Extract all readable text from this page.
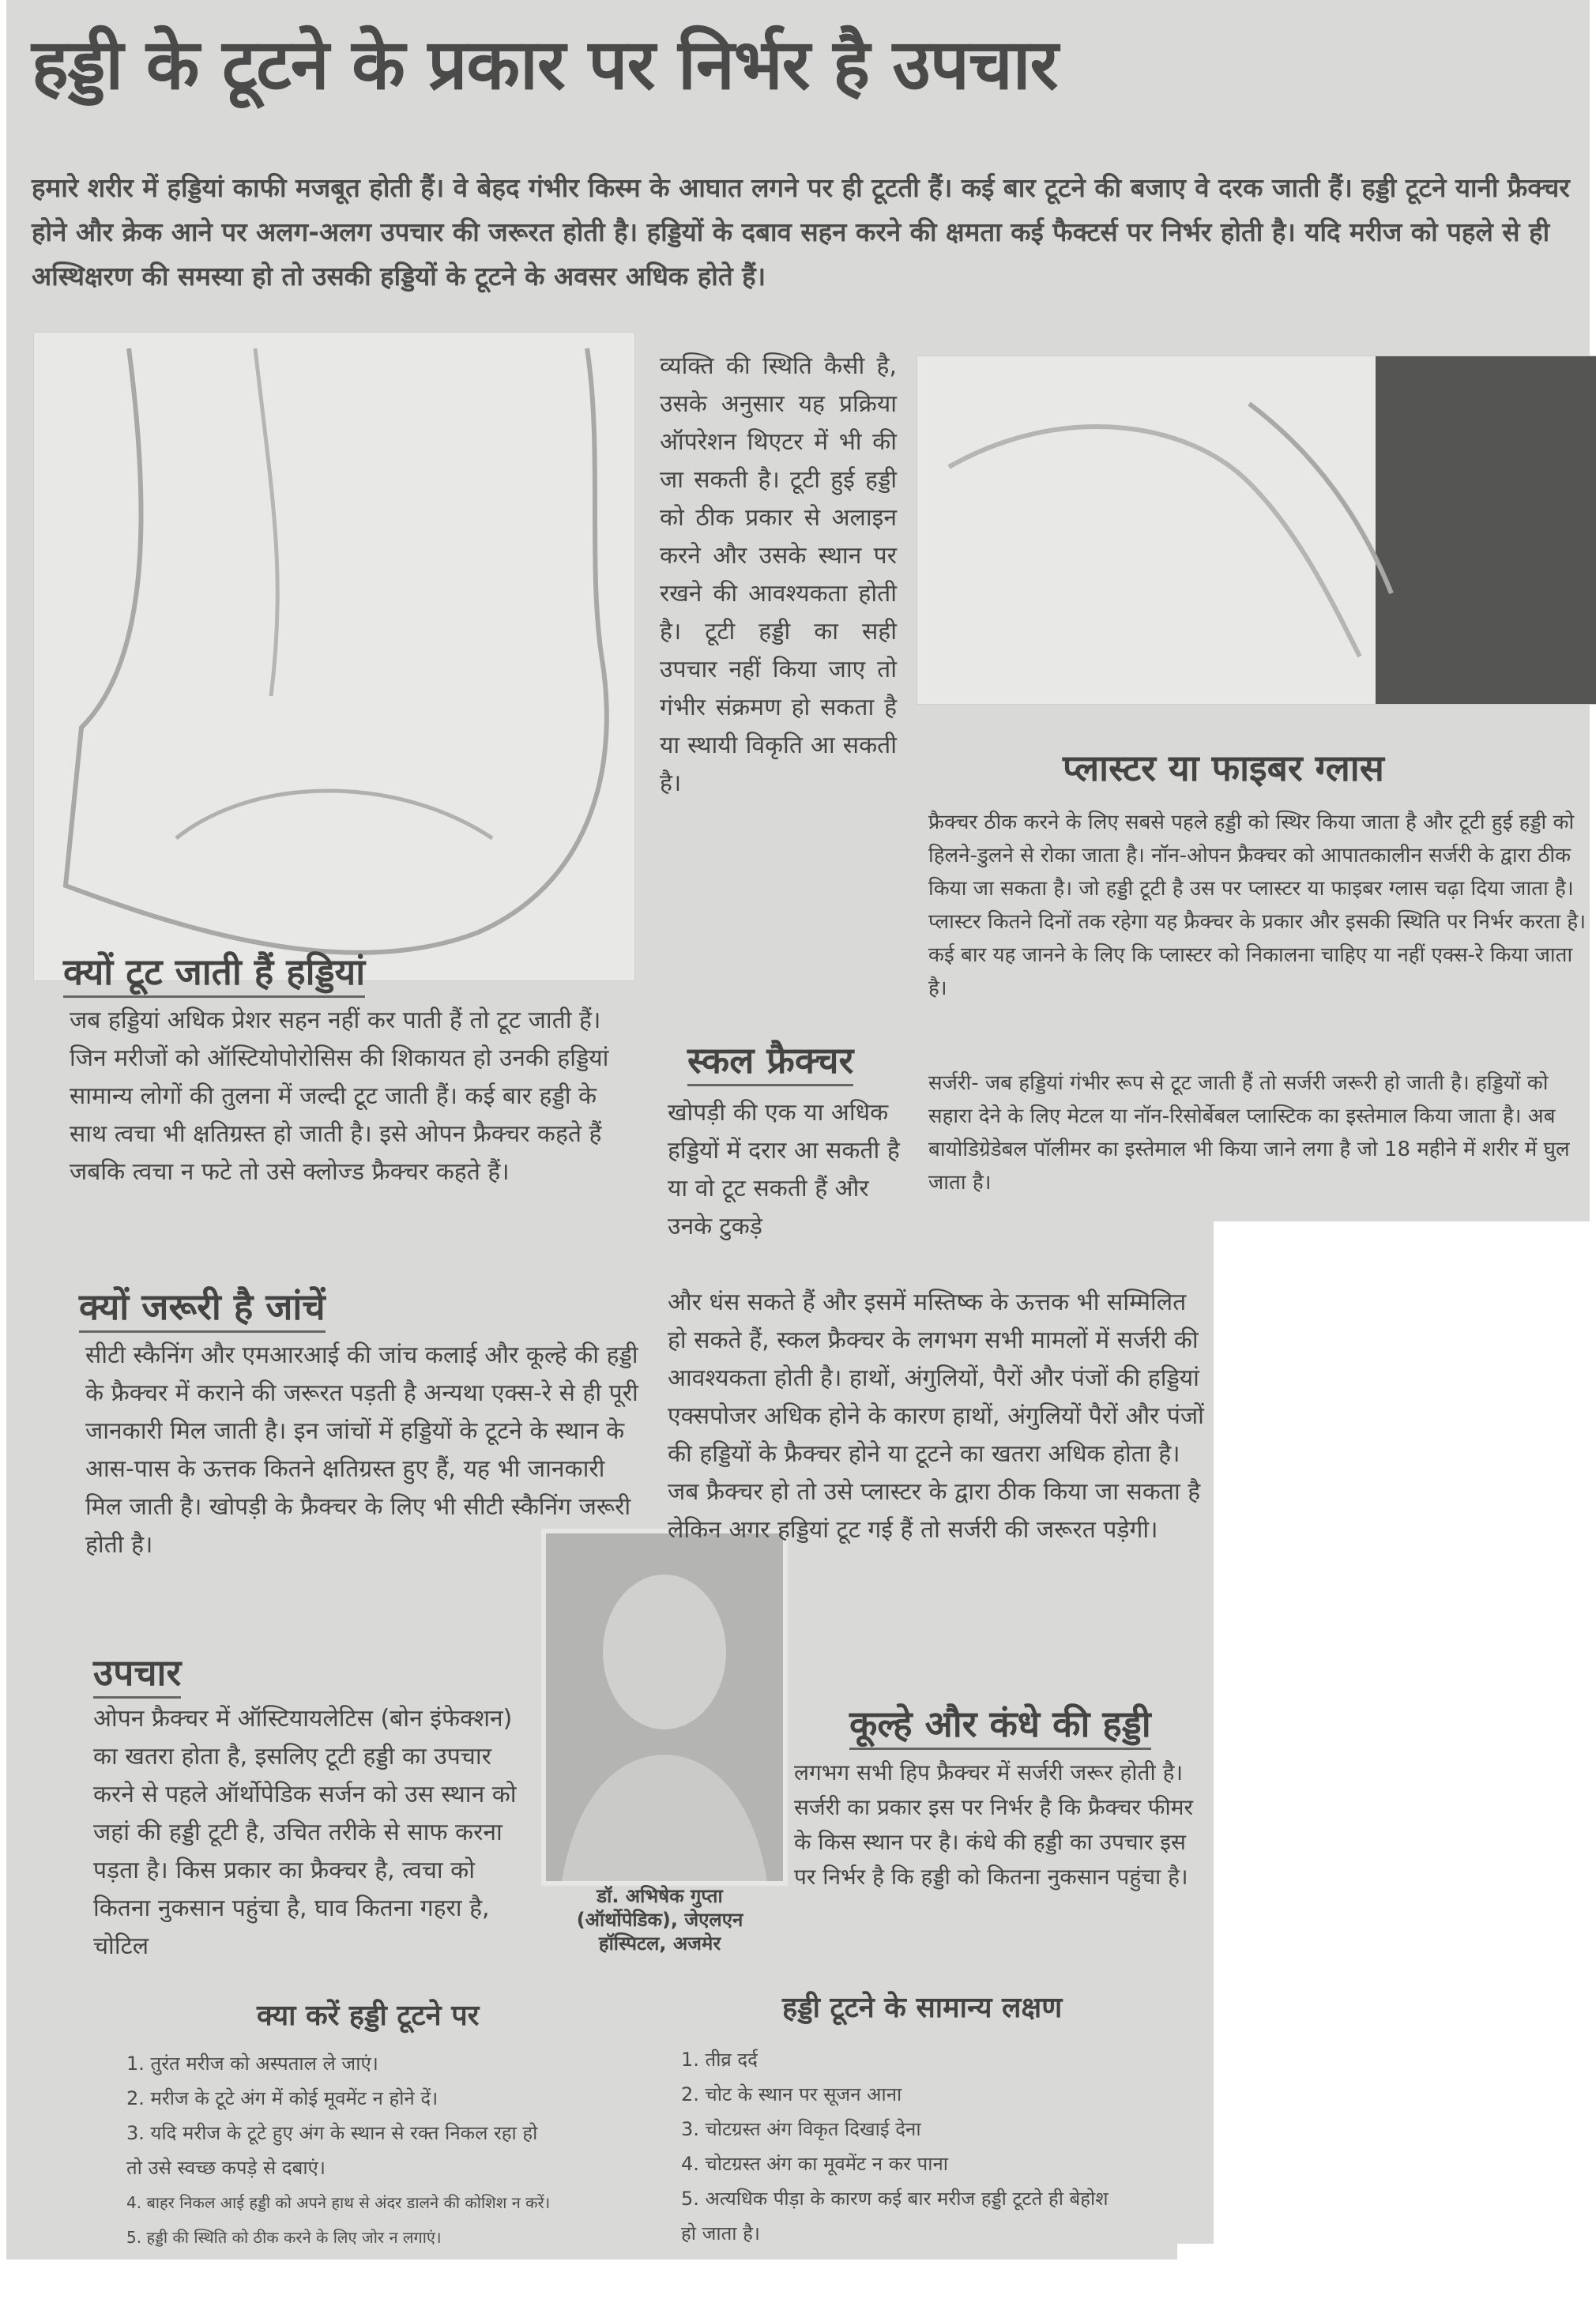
हड्डी के टूटने के प्रकार पर निर्भर है उपचार
हमारे शरीर में हड्डियां काफी मजबूत होती हैं। वे बेहद गंभीर किस्म के आघात लगने पर ही टूटती हैं। कई बार टूटने की बजाए वे दरक जाती हैं। हड्डी टूटने यानी फ्रैक्चर होने और क्रेक आने पर अलग-अलग उपचार की जरूरत होती है। हड्डियों के दबाव सहन करने की क्षमता कई फैक्टर्स पर निर्भर होती है। यदि मरीज को पहले से ही अस्थिक्षरण की समस्या हो तो उसकी हड्डियों के टूटने के अवसर अधिक होते हैं।
व्यक्ति की स्थिति कैसी है, उसके अनुसार यह प्रक्रिया ऑपरेशन थिएटर में भी की जा सकती है। टूटी हुई हड्डी को ठीक प्रकार से अलाइन करने और उसके स्थान पर रखने की आवश्यकता होती है। टूटी हड्डी का सही उपचार नहीं किया जाए तो गंभीर संक्रमण हो सकता है या स्थायी विकृति आ सकती है।
क्यों टूट जाती हैं हड्डियां
जब हड्डियां अधिक प्रेशर सहन नहीं कर पाती हैं तो टूट जाती हैं। जिन मरीजों को ऑस्टियोपोरोसिस की शिकायत हो उनकी हड्डियां सामान्य लोगों की तुलना में जल्दी टूट जाती हैं। कई बार हड्डी के साथ त्वचा भी क्षतिग्रस्त हो जाती है। इसे ओपन फ्रैक्चर कहते हैं जबकि त्वचा न फटे तो उसे क्लोज्ड फ्रैक्चर कहते हैं।
क्यों जरूरी है जांचें
सीटी स्कैनिंग और एमआरआई की जांच कलाई और कूल्हे की हड्डी के फ्रैक्चर में कराने की जरूरत पड़ती है अन्यथा एक्स-रे से ही पूरी जानकारी मिल जाती है। इन जांचों में हड्डियों के टूटने के स्थान के आस-पास के ऊत्तक कितने क्षतिग्रस्त हुए हैं, यह भी जानकारी मिल जाती है। खोपड़ी के फ्रैक्चर के लिए भी सीटी स्कैनिंग जरूरी होती है।
उपचार
ओपन फ्रैक्चर में ऑस्टियायलेटिस (बोन इंफेक्शन) का खतरा होता है, इसलिए टूटी हड्डी का उपचार करने से पहले ऑर्थोपेडिक सर्जन को उस स्थान को जहां की हड्डी टूटी है, उचित तरीके से साफ करना पड़ता है। किस प्रकार का फ्रैक्चर है, त्वचा को कितना नुकसान पहुंचा है, घाव कितना गहरा है, चोटिल
स्कल फ्रैक्चर
खोपड़ी की एक या अधिक हड्डियों में दरार आ सकती है या वो टूट सकती हैं और उनके टुकड़े
और धंस सकते हैं और इसमें मस्तिष्क के ऊत्तक भी सम्मिलित हो सकते हैं, स्कल फ्रैक्चर के लगभग सभी मामलों में सर्जरी की आवश्यकता होती है। हाथों, अंगुलियों, पैरों और पंजों की हड्डियां एक्सपोजर अधिक होने के कारण हाथों, अंगुलियों पैरों और पंजों की हड्डियों के फ्रैक्चर होने या टूटने का खतरा अधिक होता है। जब फ्रैक्चर हो तो उसे प्लास्टर के द्वारा ठीक किया जा सकता है लेकिन अगर हड्डियां टूट गई हैं तो सर्जरी की जरूरत पड़ेगी।
प्लास्टर या फाइबर ग्लास
फ्रैक्चर ठीक करने के लिए सबसे पहले हड्डी को स्थिर किया जाता है और टूटी हुई हड्डी को हिलने-डुलने से रोका जाता है। नॉन-ओपन फ्रैक्चर को आपातकालीन सर्जरी के द्वारा ठीक किया जा सकता है। जो हड्डी टूटी है उस पर प्लास्टर या फाइबर ग्लास चढ़ा दिया जाता है। प्लास्टर कितने दिनों तक रहेगा यह फ्रैक्चर के प्रकार और इसकी स्थिति पर निर्भर करता है। कई बार यह जानने के लिए कि प्लास्टर को निकालना चाहिए या नहीं एक्स-रे किया जाता है।
सर्जरी- जब हड्डियां गंभीर रूप से टूट जाती हैं तो सर्जरी जरूरी हो जाती है। हड्डियों को सहारा देने के लिए मेटल या नॉन-रिसोर्बेबल प्लास्टिक का इस्तेमाल किया जाता है। अब बायोडिग्रेडेबल पॉलीमर का इस्तेमाल भी किया जाने लगा है जो 18 महीने में शरीर में घुल जाता है।
कूल्हे और कंधे की हड्डी
लगभग सभी हिप फ्रैक्चर में सर्जरी जरूर होती है। सर्जरी का प्रकार इस पर निर्भर है कि फ्रैक्चर फीमर के किस स्थान पर है। कंधे की हड्डी का उपचार इस पर निर्भर है कि हड्डी को कितना नुकसान पहुंचा है।
डॉ. अभिषेक गुप्ता
(ऑर्थोपेडिक), जेएलएन
हॉस्पिटल, अजमेर
क्या करें हड्डी टूटने पर
1. तुरंत मरीज को अस्पताल ले जाएं।
2. मरीज के टूटे अंग में कोई मूवमेंट न होने दें।
3. यदि मरीज के टूटे हुए अंग के स्थान से रक्त निकल रहा हो
तो उसे स्वच्छ कपड़े से दबाएं।
4. बाहर निकल आई हड्डी को अपने हाथ से अंदर डालने की कोशिश न करें।
5. हड्डी की स्थिति को ठीक करने के लिए जोर न लगाएं।
हड्डी टूटने के सामान्य लक्षण
1. तीव्र दर्द
2. चोट के स्थान पर सूजन आना
3. चोटग्रस्त अंग विकृत दिखाई देना
4. चोटग्रस्त अंग का मूवमेंट न कर पाना
5. अत्यधिक पीड़ा के कारण कई बार मरीज हड्डी टूटते ही बेहोश
हो जाता है।
